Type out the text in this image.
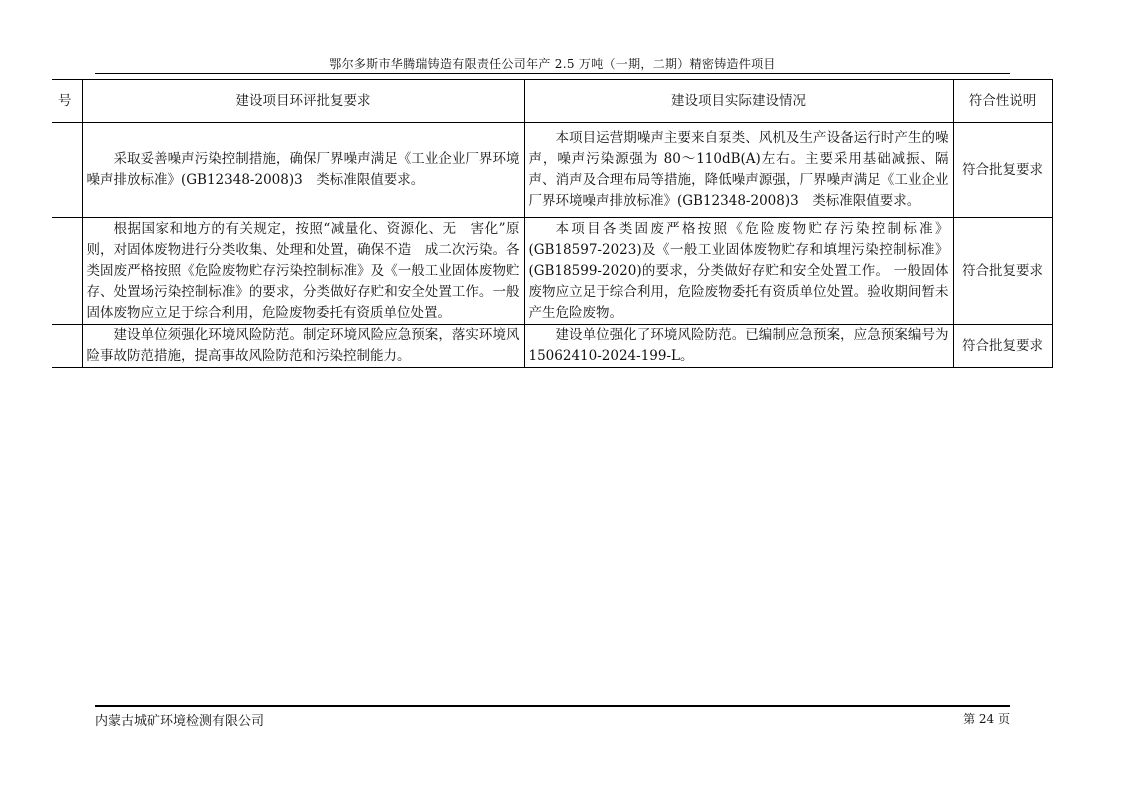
鄂尔多斯市华腾瑞铸造有限责任公司年产 2.5 万吨（一期，二期）精密铸造件项目
号	建设项目环评批复要求	建设项目实际建设情况	符合性说明

	采取妥善噪声污染控制措施，确保厂界噪声满足《工业企业厂界环境噪声排放标准》(GB12348-2008)3　类标准限值要求。	本项目运营期噪声主要来自泵类、风机及生产设备运行时产生的噪声，噪声污染源强为 80～110dB(A)左右。主要采用基础减振、隔声、消声及合理布局等措施，降低噪声源强，厂界噪声满足《工业企业厂界环境噪声排放标准》(GB12348-2008)3　类标准限值要求。	符合批复要求

	根据国家和地方的有关规定，按照“减量化、资源化、无　害化”原则，对固体废物进行分类收集、处理和处置，确保不造　成二次污染。各类固废严格按照《危险废物贮存污染控制标准》及《一般工业固体废物贮存、处置场污染控制标准》的要求，分类做好存贮和安全处置工作。一般固体废物应立足于综合利用，危险废物委托有资质单位处置。	本项目各类固废严格按照《危险废物贮存污染控制标准》(GB18597-2023)及《一般工业固体废物贮存和填埋污染控制标准》(GB18599-2020)的要求，分类做好存贮和安全处置工作。 一般固体废物应立足于综合利用，危险废物委托有资质单位处置。验收期间暂未产生危险废物。	符合批复要求

	建设单位须强化环境风险防范。制定环境风险应急预案，落实环境风险事故防范措施，提高事故风险防范和污染控制能力。	建设单位强化了环境风险防范。已编制应急预案，应急预案编号为 15062410-2024-199-L。	符合批复要求
内蒙古城矿环境检测有限公司	第 24 页
